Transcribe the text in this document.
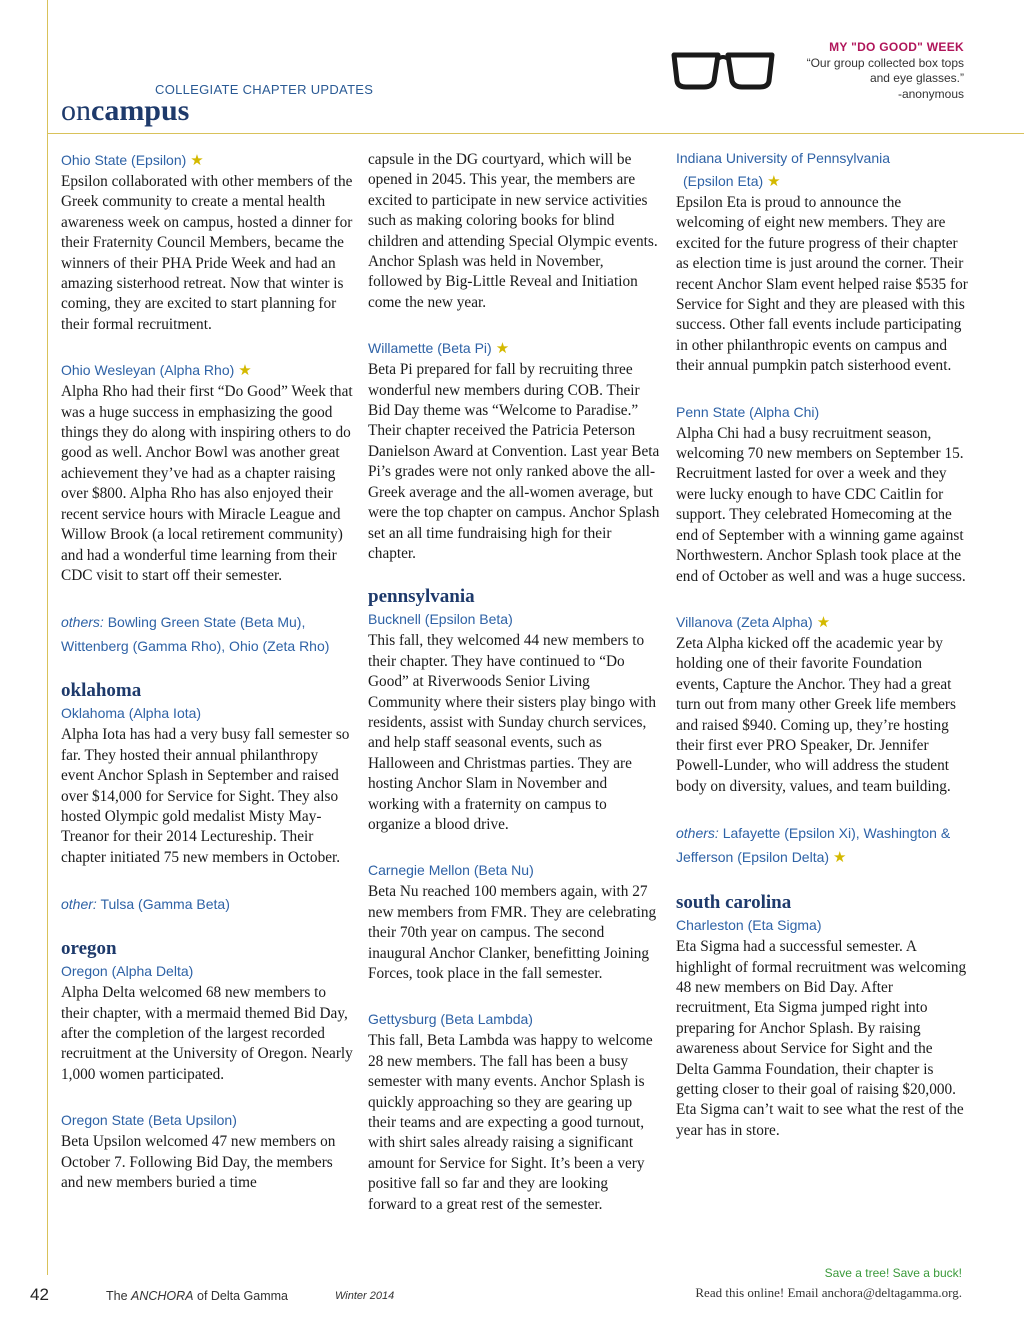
COLLEGIATE CHAPTER UPDATES
oncampus
MY "DO GOOD" WEEK
“Our group collected box tops
and eye glasses.”
-anonymous
Ohio State (Epsilon) ★
Epsilon collaborated with other members of the Greek community to create a mental health awareness week on campus, hosted a dinner for their Fraternity Council Members, became the winners of their PHA Pride Week and had an amazing sisterhood retreat. Now that winter is coming, they are excited to start planning for their formal recruitment.
Ohio Wesleyan (Alpha Rho) ★
Alpha Rho had their first “Do Good” Week that was a huge success in emphasizing the good things they do along with inspiring others to do good as well. Anchor Bowl was another great achievement they’ve had as a chapter raising over $800. Alpha Rho has also enjoyed their recent service hours with Miracle League and Willow Brook (a local retirement community) and had a wonderful time learning from their CDC visit to start off their semester.
others: Bowling Green State (Beta Mu), Wittenberg (Gamma Rho), Ohio (Zeta Rho)
oklahoma
Oklahoma (Alpha Iota)
Alpha Iota has had a very busy fall semester so far. They hosted their annual philanthropy event Anchor Splash in September and raised over $14,000 for Service for Sight. They also hosted Olympic gold medalist Misty May-Treanor for their 2014 Lectureship. Their chapter initiated 75 new members in October.
other: Tulsa (Gamma Beta)
oregon
Oregon (Alpha Delta)
Alpha Delta welcomed 68 new members to their chapter, with a mermaid themed Bid Day, after the completion of the largest recorded recruitment at the University of Oregon. Nearly 1,000 women participated.
Oregon State (Beta Upsilon)
Beta Upsilon welcomed 47 new members on October 7. Following Bid Day, the members and new members buried a time
capsule in the DG courtyard, which will be opened in 2045. This year, the members are excited to participate in new service activities such as making coloring books for blind children and attending Special Olympic events. Anchor Splash was held in November, followed by Big-Little Reveal and Initiation come the new year.
Willamette (Beta Pi) ★
Beta Pi prepared for fall by recruiting three wonderful new members during COB. Their Bid Day theme was “Welcome to Paradise.” Their chapter received the Patricia Peterson Danielson Award at Convention. Last year Beta Pi’s grades were not only ranked above the all-Greek average and the all-women average, but were the top chapter on campus. Anchor Splash set an all time fundraising high for their chapter.
pennsylvania
Bucknell (Epsilon Beta)
This fall, they welcomed 44 new members to their chapter. They have continued to “Do Good” at Riverwoods Senior Living Community where their sisters play bingo with residents, assist with Sunday church services, and help staff seasonal events, such as Halloween and Christmas parties. They are hosting Anchor Slam in November and working with a fraternity on campus to organize a blood drive.
Carnegie Mellon (Beta Nu)
Beta Nu reached 100 members again, with 27 new members from FMR. They are celebrating their 70th year on campus. The second inaugural Anchor Clanker, benefitting Joining Forces, took place in the fall semester.
Gettysburg (Beta Lambda)
This fall, Beta Lambda was happy to welcome 28 new members. The fall has been a busy semester with many events. Anchor Splash is quickly approaching so they are gearing up their teams and are expecting a good turnout, with shirt sales already raising a significant amount for Service for Sight. It’s been a very positive fall so far and they are looking forward to a great rest of the semester.
Indiana University of Pennsylvania
(Epsilon Eta) ★
Epsilon Eta is proud to announce the welcoming of eight new members. They are excited for the future progress of their chapter as election time is just around the corner. Their recent Anchor Slam event helped raise $535 for Service for Sight and they are pleased with this success. Other fall events include participating in other philanthropic events on campus and their annual pumpkin patch sisterhood event.
Penn State (Alpha Chi)
Alpha Chi had a busy recruitment season, welcoming 70 new members on September 15. Recruitment lasted for over a week and they were lucky enough to have CDC Caitlin for support. They celebrated Homecoming at the end of September with a winning game against Northwestern. Anchor Splash took place at the end of October as well and was a huge success.
Villanova (Zeta Alpha) ★
Zeta Alpha kicked off the academic year by holding one of their favorite Foundation events, Capture the Anchor. They had a great turn out from many other Greek life members and raised $940. Coming up, they’re hosting their first ever PRO Speaker, Dr. Jennifer Powell-Lunder, who will address the student body on diversity, values, and team building.
others: Lafayette (Epsilon Xi), Washington & Jefferson (Epsilon Delta) ★
south carolina
Charleston (Eta Sigma)
Eta Sigma had a successful semester. A highlight of formal recruitment was welcoming 48 new members on Bid Day. After recruitment, Eta Sigma jumped right into preparing for Anchor Splash. By raising awareness about Service for Sight and the Delta Gamma Foundation, their chapter is getting closer to their goal of raising $20,000. Eta Sigma can’t wait to see what the rest of the year has in store.
42	The ANCHORA of Delta Gamma	Winter 2014
Save a tree! Save a buck!
Read this online! Email anchora@deltagamma.org.
